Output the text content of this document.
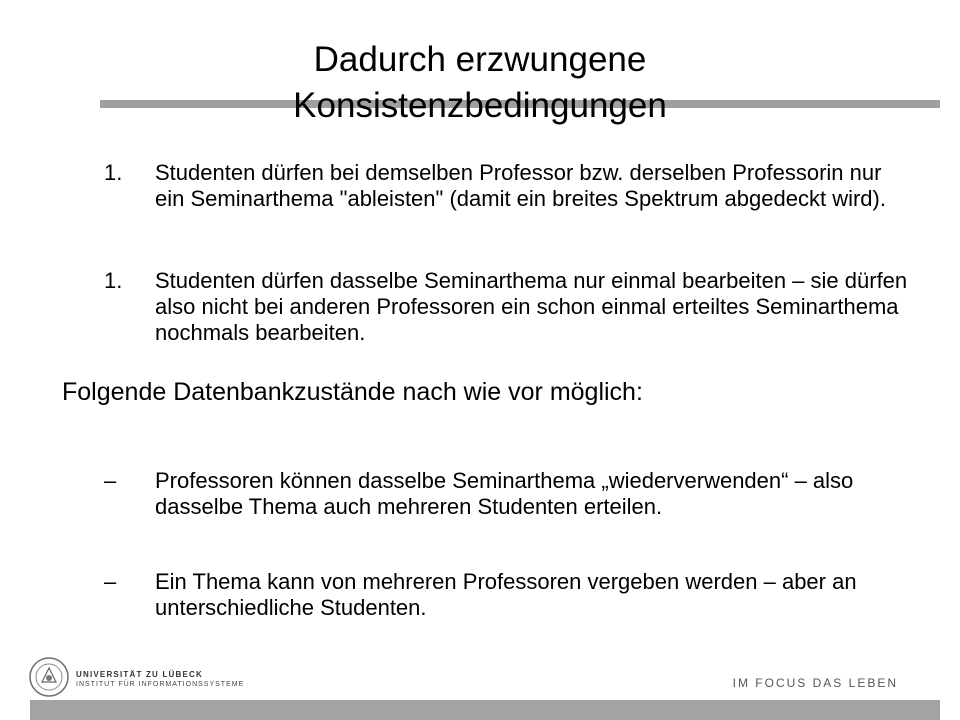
Dadurch erzwungene
Konsistenzbedingungen
1. Studenten dürfen bei demselben Professor bzw. derselben Professorin nur ein Seminarthema "ableisten" (damit ein breites Spektrum abgedeckt wird).
1. Studenten dürfen dasselbe Seminarthema nur einmal bearbeiten – sie dürfen also nicht bei anderen Professoren ein schon einmal erteiltes Seminarthema nochmals bearbeiten.
Folgende Datenbankzustände nach wie vor möglich:
– Professoren können dasselbe Seminarthema „wiederverwenden“ – also dasselbe Thema auch mehreren Studenten erteilen.
– Ein Thema kann von mehreren Professoren vergeben werden – aber an unterschiedliche Studenten.
UNIVERSITÄT ZU LÜBECK
INSTITUT FÜR INFORMATIONSSYSTEME	IM FOCUS DAS LEBEN
